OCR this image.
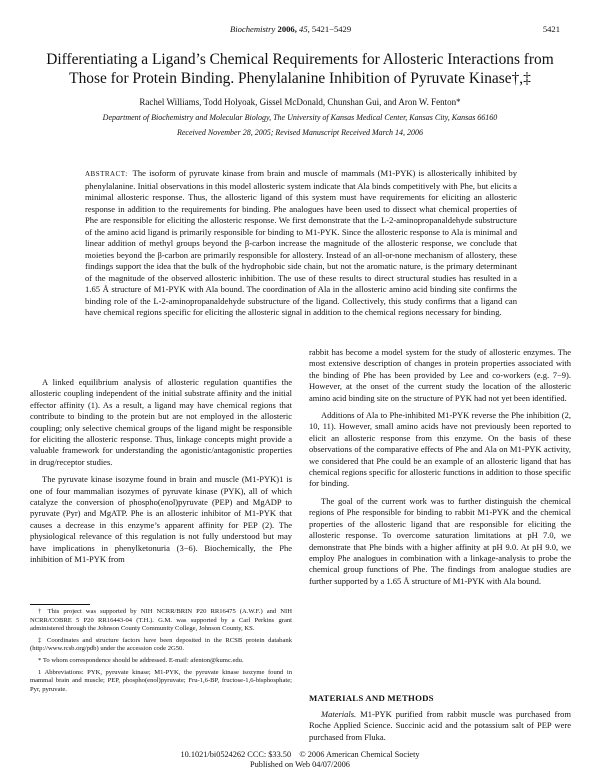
Biochemistry 2006, 45, 5421−5429	5421
Differentiating a Ligand’s Chemical Requirements for Allosteric Interactions from Those for Protein Binding. Phenylalanine Inhibition of Pyruvate Kinase†,‡
Rachel Williams, Todd Holyoak, Gissel McDonald, Chunshan Gui, and Aron W. Fenton*
Department of Biochemistry and Molecular Biology, The University of Kansas Medical Center, Kansas City, Kansas 66160
Received November 28, 2005; Revised Manuscript Received March 14, 2006
ABSTRACT: The isoform of pyruvate kinase from brain and muscle of mammals (M1-PYK) is allosterically inhibited by phenylalanine. Initial observations in this model allosteric system indicate that Ala binds competitively with Phe, but elicits a minimal allosteric response. Thus, the allosteric ligand of this system must have requirements for eliciting an allosteric response in addition to the requirements for binding. Phe analogues have been used to dissect what chemical properties of Phe are responsible for eliciting the allosteric response. We first demonstrate that the L-2-aminopropanaldehyde substructure of the amino acid ligand is primarily responsible for binding to M1-PYK. Since the allosteric response to Ala is minimal and linear addition of methyl groups beyond the β-carbon increase the magnitude of the allosteric response, we conclude that moieties beyond the β-carbon are primarily responsible for allostery. Instead of an all-or-none mechanism of allostery, these findings support the idea that the bulk of the hydrophobic side chain, but not the aromatic nature, is the primary determinant of the magnitude of the observed allosteric inhibition. The use of these results to direct structural studies has resulted in a 1.65 Å structure of M1-PYK with Ala bound. The coordination of Ala in the allosteric amino acid binding site confirms the binding role of the L-2-aminopropanaldehyde substructure of the ligand. Collectively, this study confirms that a ligand can have chemical regions specific for eliciting the allosteric signal in addition to the chemical regions necessary for binding.

A linked equilibrium analysis of allosteric regulation quantifies the allosteric coupling independent of the initial substrate affinity and the initial effector affinity (1). As a result, a ligand may have chemical regions that contribute to binding to the protein but are not employed in the allosteric coupling; only selective chemical groups of the ligand might be responsible for eliciting the allosteric response. Thus, linkage concepts might provide a valuable framework for understanding the agonistic/antagonistic properties in drug/receptor studies.

The pyruvate kinase isozyme found in brain and muscle (M1-PYK)1 is one of four mammalian isozymes of pyruvate kinase (PYK), all of which catalyze the conversion of phospho(enol)pyruvate (PEP) and MgADP to pyruvate (Pyr) and MgATP. Phe is an allosteric inhibitor of M1-PYK that causes a decrease in this enzyme’s apparent affinity for PEP (2). The physiological relevance of this regulation is not fully understood but may have implications in phenylketonuria (3−6). Biochemically, the Phe inhibition of M1-PYK from

rabbit has become a model system for the study of allosteric enzymes. The most extensive description of changes in protein properties associated with the binding of Phe has been provided by Lee and co-workers (e.g. 7−9). However, at the onset of the current study the location of the allosteric amino acid binding site on the structure of PYK had not yet been identified.

Additions of Ala to Phe-inhibited M1-PYK reverse the Phe inhibition (2, 10, 11). However, small amino acids have not previously been reported to elicit an allosteric response from this enzyme. On the basis of these observations of the comparative effects of Phe and Ala on M1-PYK activity, we considered that Phe could be an example of an allosteric ligand that has chemical regions specific for allosteric functions in addition to those specific for binding.

The goal of the current work was to further distinguish the chemical regions of Phe responsible for binding to rabbit M1-PYK and the chemical properties of the allosteric ligand that are responsible for eliciting the allosteric response. To overcome saturation limitations at pH 7.0, we demonstrate that Phe binds with a higher affinity at pH 9.0. At pH 9.0, we employ Phe analogues in combination with a linkage-analysis to probe the chemical group functions of Phe. The findings from analogue studies are further supported by a 1.65 Å structure of M1-PYK with Ala bound.

† This project was supported by NIH NCRR/BRIN P20 RR16475 (A.W.F.) and NIH NCRR/COBRE 5 P20 RR16443-04 (T.H.). G.M. was supported by a Carl Perkins grant administered through the Johnson County Community College, Johnson County, KS.

‡ Coordinates and structure factors have been deposited in the RCSB protein databank (http://www.rcsb.org/pdb) under the accession code 2G50.

* To whom correspondence should be addressed. E-mail: afenton@kumc.edu.

1 Abbreviations: PYK, pyruvate kinase; M1-PYK, the pyruvate kinase isozyme found in mammal brain and muscle; PEP, phospho(enol)pyruvate; Fru-1,6-BP, fructose-1,6-bisphosphate; Pyr, pyruvate.

MATERIALS AND METHODS
Materials. M1-PYK purified from rabbit muscle was purchased from Roche Applied Science. Succinic acid and the potassium salt of PEP were purchased from Fluka.
10.1021/bi0524262 CCC: $33.50    © 2006 American Chemical Society
Published on Web 04/07/2006
